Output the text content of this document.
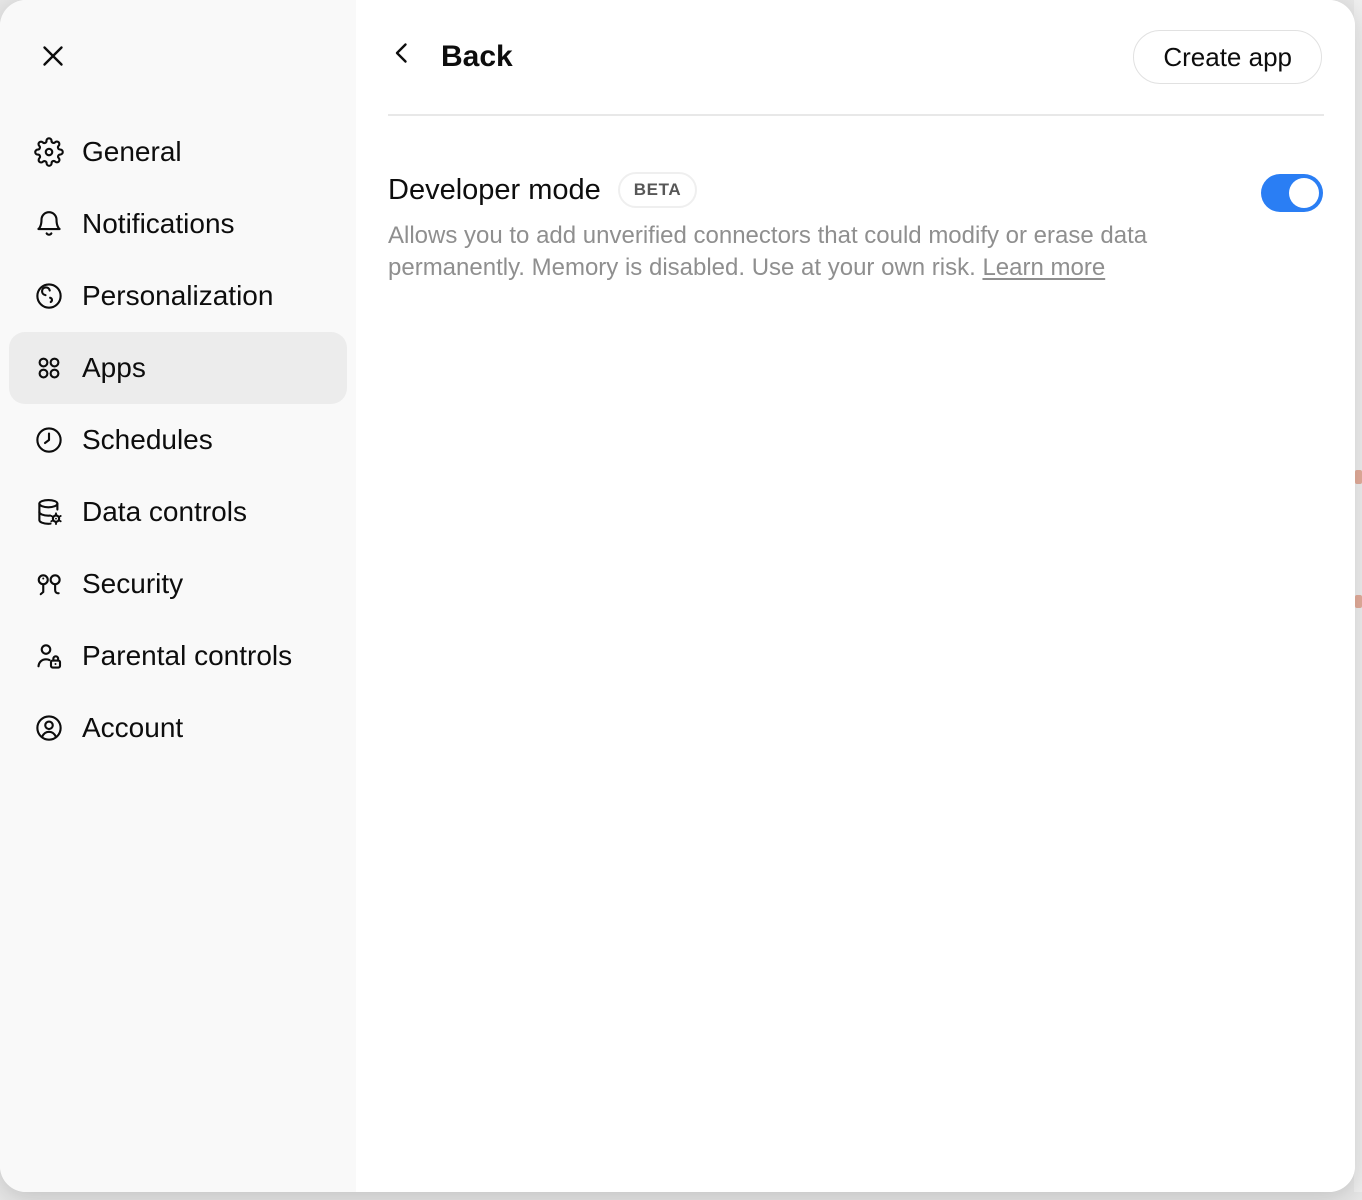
General
Notifications
Personalization
Apps
Schedules
Data controls
Security
Parental controls
Account
Back	Create app
Developer mode	BETA

Allows you to add unverified connectors that could modify or erase data
permanently. Memory is disabled. Use at your own risk. Learn more
